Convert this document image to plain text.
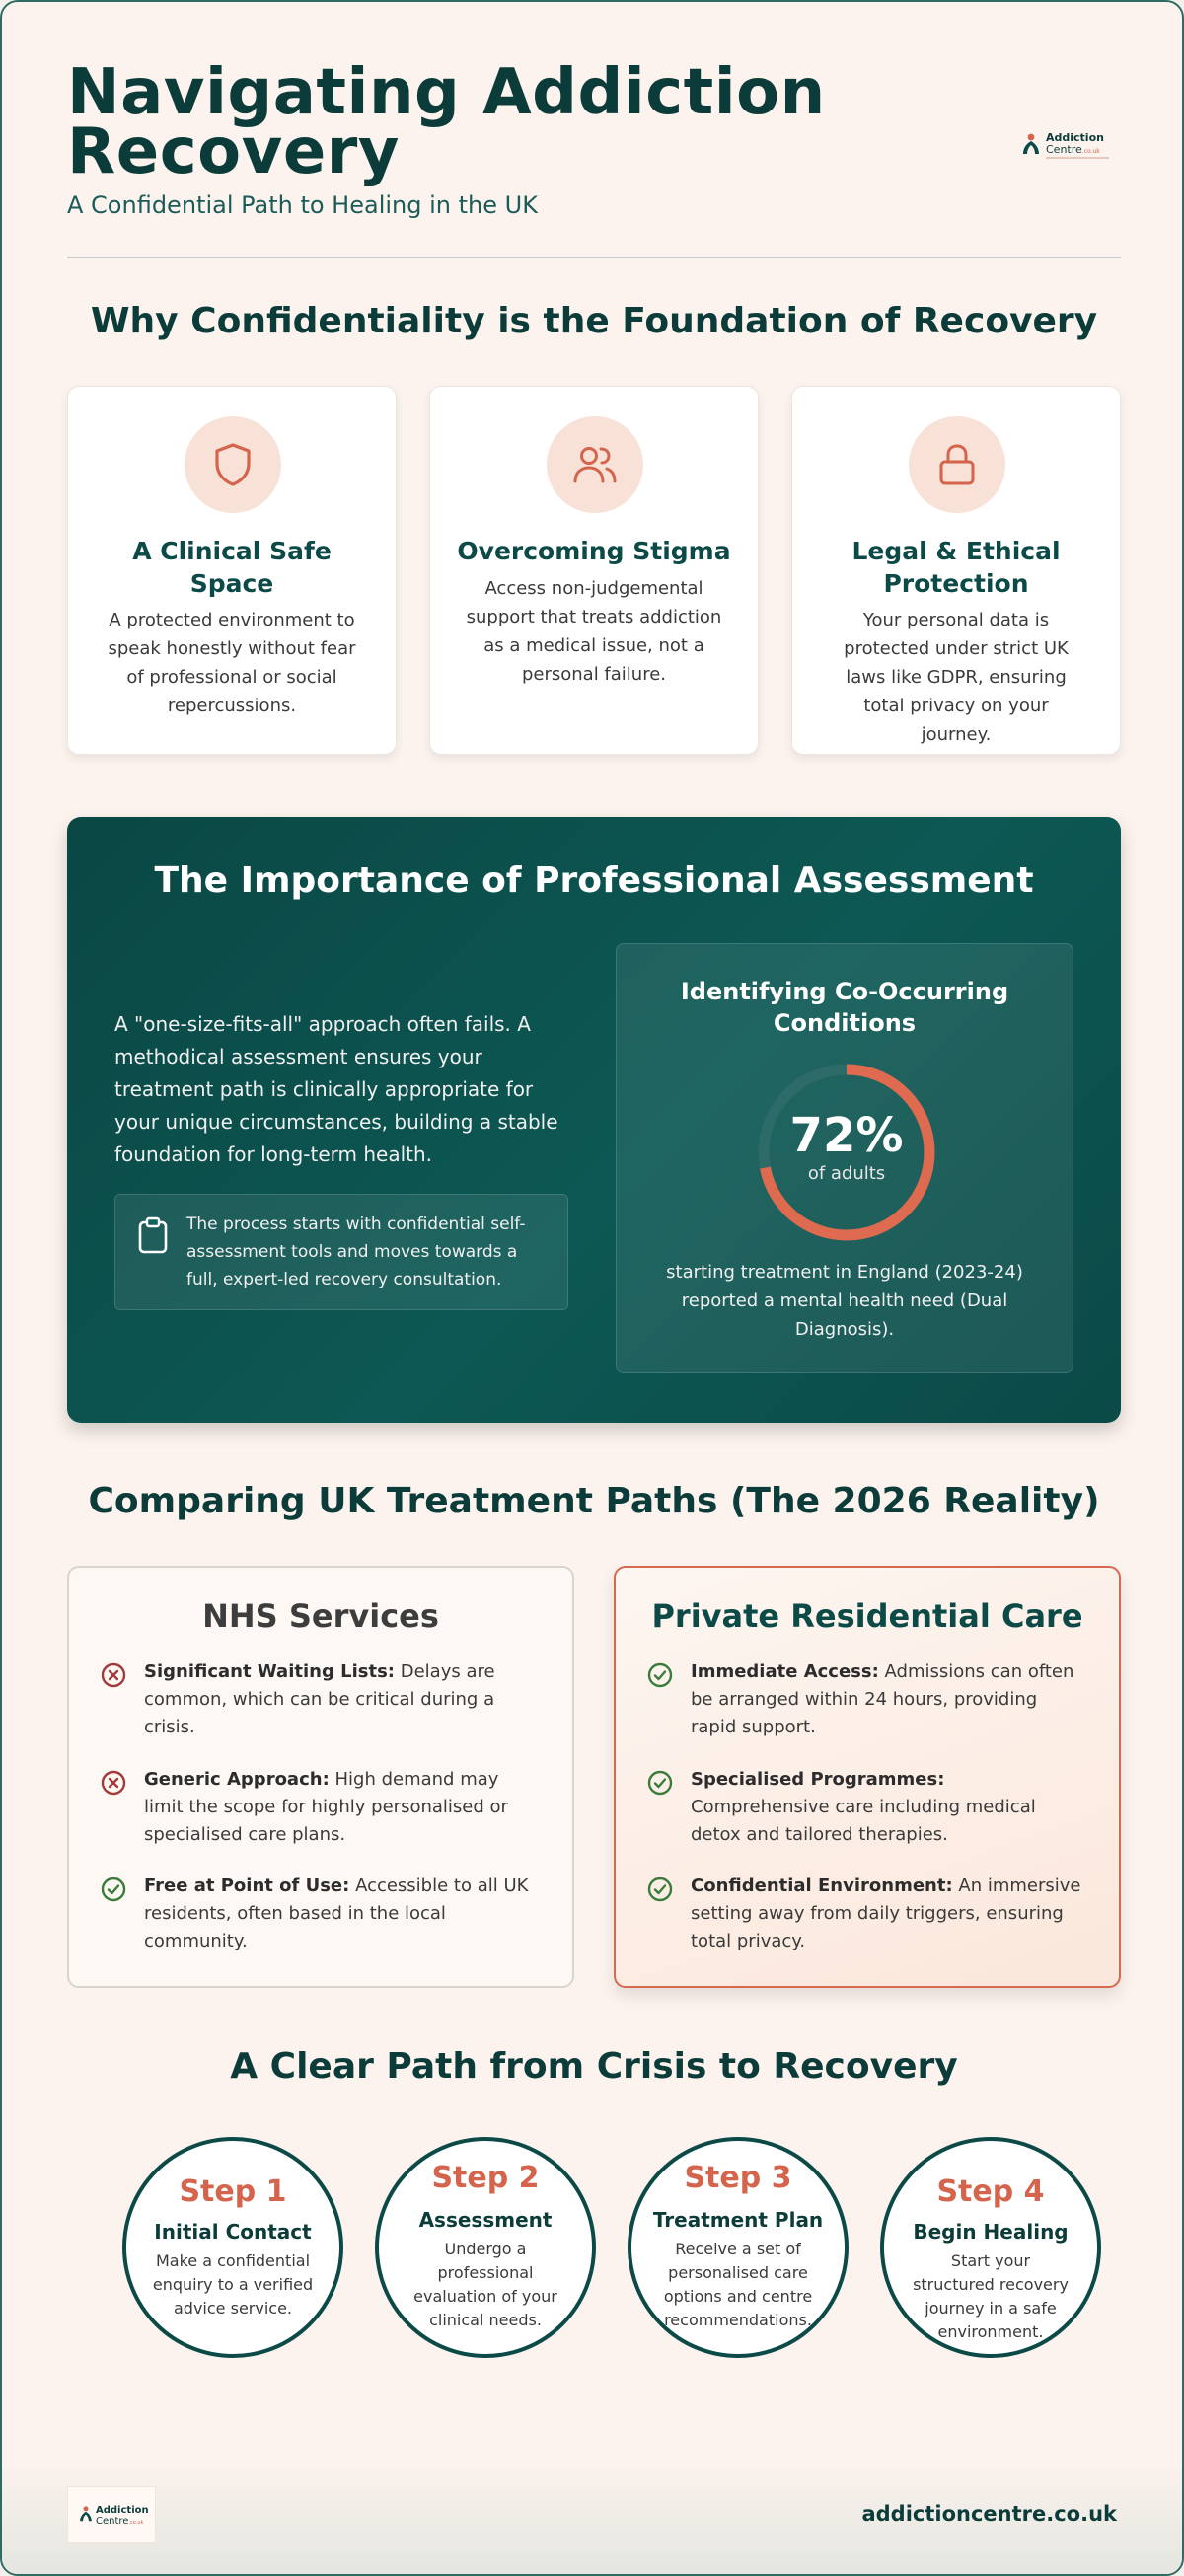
Navigating Addiction Recovery
A Confidential Path to Healing in the UK
Addiction
Centre.co.uk
Why Confidentiality is the Foundation of Recovery
A Clinical Safe Space

A protected environment to speak honestly without fear of professional or social repercussions.

Overcoming Stigma

Access non-judgemental support that treats addiction as a medical issue, not a personal failure.

Legal & Ethical Protection

Your personal data is protected under strict UK laws like GDPR, ensuring total privacy on your journey.

The Importance of Professional Assessment
A "one-size-fits-all" approach often fails. A methodical assessment ensures your treatment path is clinically appropriate for your unique circumstances, building a stable foundation for long-term health.
The process starts with confidential self-assessment tools and moves towards a full, expert-led recovery consultation.
Identifying Co-Occurring Conditions
72%
of adults
starting treatment in England (2023-24) reported a mental health need (Dual Diagnosis).
Comparing UK Treatment Paths (The 2026 Reality)
NHS Services
Significant Waiting Lists: Delays are common, which can be critical during a crisis.
Generic Approach: High demand may limit the scope for highly personalised or specialised care plans.
Free at Point of Use: Accessible to all UK residents, often based in the local community.
Private Residential Care
Immediate Access: Admissions can often be arranged within 24 hours, providing rapid support.
Specialised Programmes: Comprehensive care including medical detox and tailored therapies.
Confidential Environment: An immersive setting away from daily triggers, ensuring total privacy.
A Clear Path from Crisis to Recovery
Step 1
Initial Contact
Make a confidential enquiry to a verified advice service.
Step 2
Assessment
Undergo a professional evaluation of your clinical needs.
Step 3
Treatment Plan
Receive a set of personalised care options and centre recommendations.
Step 4
Begin Healing
Start your structured recovery journey in a safe environment.
Addiction
Centre.co.uk	addictioncentre.co.uk
